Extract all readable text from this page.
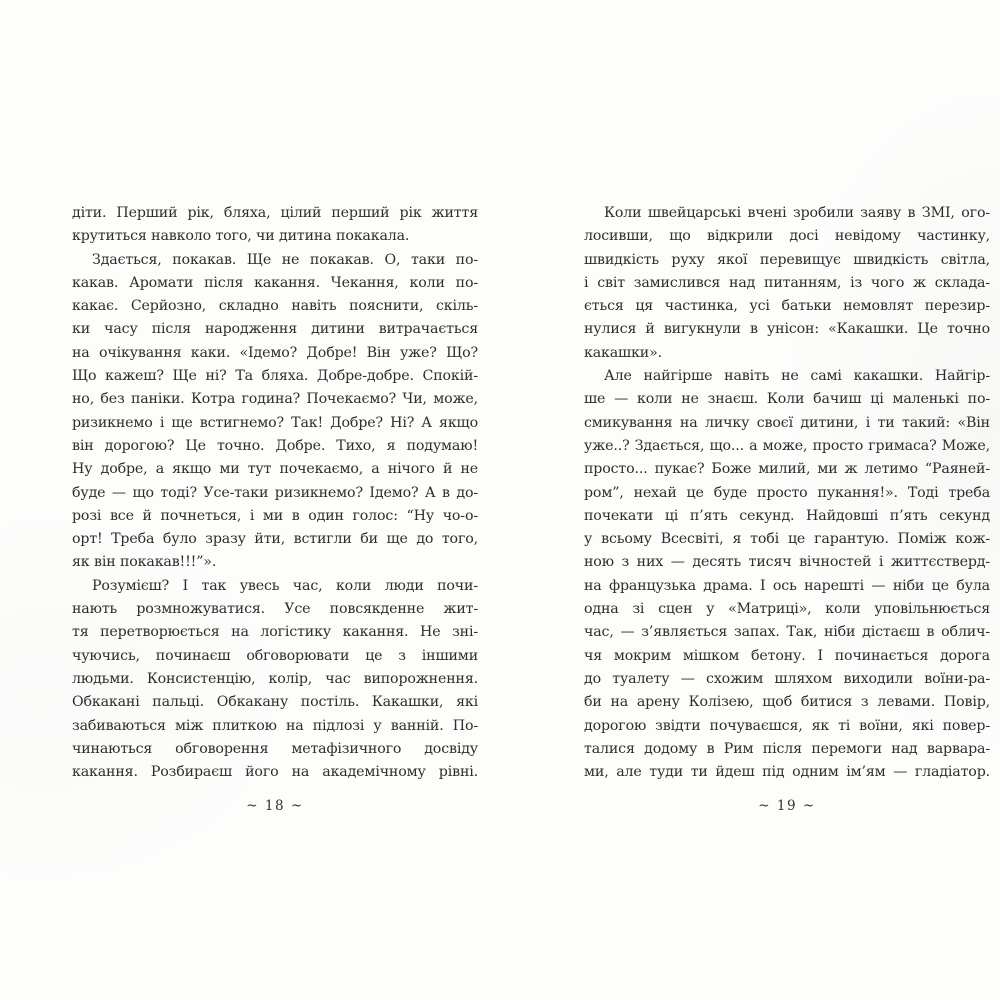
діти. Перший рік, бляха, цілий перший рік життя
крутиться навколо того, чи дитина покакала.
Здається, покакав. Ще не покакав. О, таки по-
какав. Аромати після какання. Чекання, коли по-
какає. Серйозно, складно навіть пояснити, скіль-
ки часу після народження дитини витрачається
на очікування каки. «Ідемо? Добре! Він уже? Що?
Що кажеш? Ще ні? Та бляха. Добре-добре. Спокій-
но, без паніки. Котра година? Почекаємо? Чи, може,
ризикнемо і ще встигнемо? Так! Добре? Ні? А якщо
він дорогою? Це точно. Добре. Тихо, я подумаю!
Ну добре, а якщо ми тут почекаємо, а нічого й не
буде — що тоді? Усе-таки ризикнемо? Ідемо? А в до-
розі все й почнеться, і ми в один голос: “Ну чо-о-
орт! Треба було зразу йти, встигли би ще до того,
як він покакав!!!”».
Розумієш? І так увесь час, коли люди почи-
нають розмножуватися. Усе повсякденне жит-
тя перетворюється на логістику какання. Не зні-
чуючись, починаєш обговорювати це з іншими
людьми. Консистенцію, колір, час випорожнення.
Обкакані пальці. Обкакану постіль. Какашки, які
забиваються між плиткою на підлозі у ванній. По-
чинаються обговорення метафізичного досвіду
какання. Розбираєш його на академічному рівні.
~ 18 ~
Коли швейцарські вчені зробили заяву в ЗМІ, ого-
лосивши, що відкрили досі невідому частинку,
швидкість руху якої перевищує швидкість світла,
і світ замислився над питанням, із чого ж склада-
ється ця частинка, усі батьки немовлят перезир-
нулися й вигукнули в унісон: «Какашки. Це точно
какашки».
Але найгірше навіть не самі какашки. Найгір-
ше — коли не знаєш. Коли бачиш ці маленькі по-
смикування на личку своєї дитини, і ти такий: «Він
уже..? Здається, що... а може, просто гримаса? Може,
просто... пукає? Боже милий, ми ж летимо “Раяней-
ром”, нехай це буде просто пукання!». Тоді треба
почекати ці п’ять секунд. Найдовші п’ять секунд
у всьому Всесвіті, я тобі це гарантую. Поміж кож-
ною з них — десять тисяч вічностей і життєстверд-
на французька драма. І ось нарешті — ніби це була
одна зі сцен у «Матриці», коли уповільнюється
час, — з’являється запах. Так, ніби дістаєш в облич-
чя мокрим мішком бетону. І починається дорога
до туалету — схожим шляхом виходили воїни-ра-
би на арену Колізею, щоб битися з левами. Повір,
дорогою звідти почуваєшся, як ті воїни, які повер-
талися додому в Рим після перемоги над варвара-
ми, але туди ти йдеш під одним ім’ям — гладіатор.
~ 19 ~
